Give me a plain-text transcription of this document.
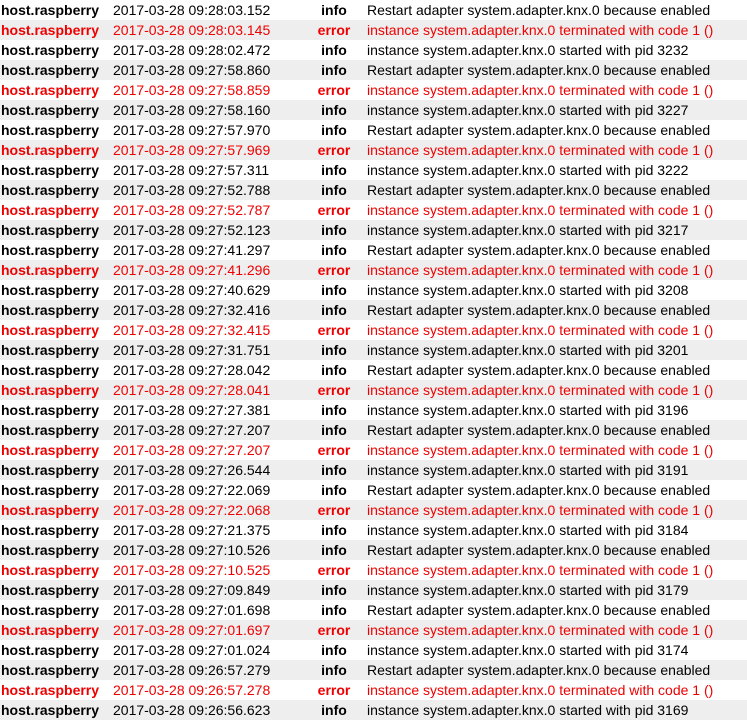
host.raspberry	2017-03-28 09:28:03.152	info	Restart adapter system.adapter.knx.0 because enabled
host.raspberry	2017-03-28 09:28:03.145	error	instance system.adapter.knx.0 terminated with code 1 ()
host.raspberry	2017-03-28 09:28:02.472	info	instance system.adapter.knx.0 started with pid 3232
host.raspberry	2017-03-28 09:27:58.860	info	Restart adapter system.adapter.knx.0 because enabled
host.raspberry	2017-03-28 09:27:58.859	error	instance system.adapter.knx.0 terminated with code 1 ()
host.raspberry	2017-03-28 09:27:58.160	info	instance system.adapter.knx.0 started with pid 3227
host.raspberry	2017-03-28 09:27:57.970	info	Restart adapter system.adapter.knx.0 because enabled
host.raspberry	2017-03-28 09:27:57.969	error	instance system.adapter.knx.0 terminated with code 1 ()
host.raspberry	2017-03-28 09:27:57.311	info	instance system.adapter.knx.0 started with pid 3222
host.raspberry	2017-03-28 09:27:52.788	info	Restart adapter system.adapter.knx.0 because enabled
host.raspberry	2017-03-28 09:27:52.787	error	instance system.adapter.knx.0 terminated with code 1 ()
host.raspberry	2017-03-28 09:27:52.123	info	instance system.adapter.knx.0 started with pid 3217
host.raspberry	2017-03-28 09:27:41.297	info	Restart adapter system.adapter.knx.0 because enabled
host.raspberry	2017-03-28 09:27:41.296	error	instance system.adapter.knx.0 terminated with code 1 ()
host.raspberry	2017-03-28 09:27:40.629	info	instance system.adapter.knx.0 started with pid 3208
host.raspberry	2017-03-28 09:27:32.416	info	Restart adapter system.adapter.knx.0 because enabled
host.raspberry	2017-03-28 09:27:32.415	error	instance system.adapter.knx.0 terminated with code 1 ()
host.raspberry	2017-03-28 09:27:31.751	info	instance system.adapter.knx.0 started with pid 3201
host.raspberry	2017-03-28 09:27:28.042	info	Restart adapter system.adapter.knx.0 because enabled
host.raspberry	2017-03-28 09:27:28.041	error	instance system.adapter.knx.0 terminated with code 1 ()
host.raspberry	2017-03-28 09:27:27.381	info	instance system.adapter.knx.0 started with pid 3196
host.raspberry	2017-03-28 09:27:27.207	info	Restart adapter system.adapter.knx.0 because enabled
host.raspberry	2017-03-28 09:27:27.207	error	instance system.adapter.knx.0 terminated with code 1 ()
host.raspberry	2017-03-28 09:27:26.544	info	instance system.adapter.knx.0 started with pid 3191
host.raspberry	2017-03-28 09:27:22.069	info	Restart adapter system.adapter.knx.0 because enabled
host.raspberry	2017-03-28 09:27:22.068	error	instance system.adapter.knx.0 terminated with code 1 ()
host.raspberry	2017-03-28 09:27:21.375	info	instance system.adapter.knx.0 started with pid 3184
host.raspberry	2017-03-28 09:27:10.526	info	Restart adapter system.adapter.knx.0 because enabled
host.raspberry	2017-03-28 09:27:10.525	error	instance system.adapter.knx.0 terminated with code 1 ()
host.raspberry	2017-03-28 09:27:09.849	info	instance system.adapter.knx.0 started with pid 3179
host.raspberry	2017-03-28 09:27:01.698	info	Restart adapter system.adapter.knx.0 because enabled
host.raspberry	2017-03-28 09:27:01.697	error	instance system.adapter.knx.0 terminated with code 1 ()
host.raspberry	2017-03-28 09:27:01.024	info	instance system.adapter.knx.0 started with pid 3174
host.raspberry	2017-03-28 09:26:57.279	info	Restart adapter system.adapter.knx.0 because enabled
host.raspberry	2017-03-28 09:26:57.278	error	instance system.adapter.knx.0 terminated with code 1 ()
host.raspberry	2017-03-28 09:26:56.623	info	instance system.adapter.knx.0 started with pid 3169
